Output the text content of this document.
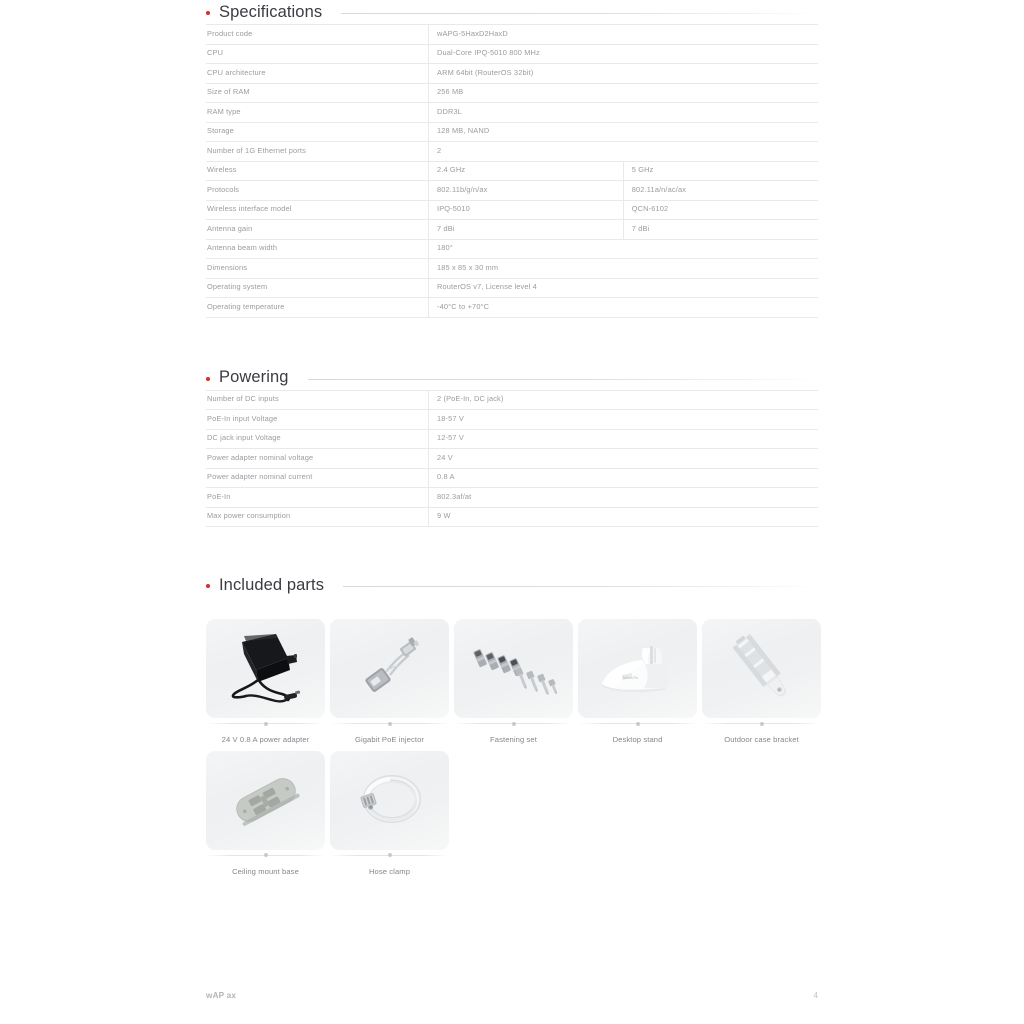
Specifications
Product code	wAPG-5HaxD2HaxD	
CPU	Dual-Core IPQ-5010 800 MHz	
CPU architecture	ARM 64bit (RouterOS 32bit)	
Size of RAM	256 MB	
RAM type	DDR3L	
Storage	128 MB, NAND	
Number of 1G Ethernet ports	2	
Wireless	2.4 GHz	5 GHz
Protocols	802.11b/g/n/ax	802.11a/n/ac/ax
Wireless interface model	IPQ-5010	QCN-6102
Antenna gain	7 dBi	7 dBi
Antenna beam width	180°	
Dimensions	185 x 85 x 30 mm	
Operating system	RouterOS v7, License level 4	
Operating temperature	-40°C to +70°C	
Powering
Number of DC inputs	2 (PoE-In, DC jack)
PoE-In input Voltage	18-57 V
DC jack input Voltage	12-57 V
Power adapter nominal voltage	24 V
Power adapter nominal current	0.8 A
PoE-In	802.3af/at
Max power consumption	9 W
Included parts
24 V 0.8 A power adapter	Gigabit PoE injector	Fastening set
MikroTik
Desktop stand	Outdoor case bracket
Ceiling mount base	Hose clamp
wAP ax	4
